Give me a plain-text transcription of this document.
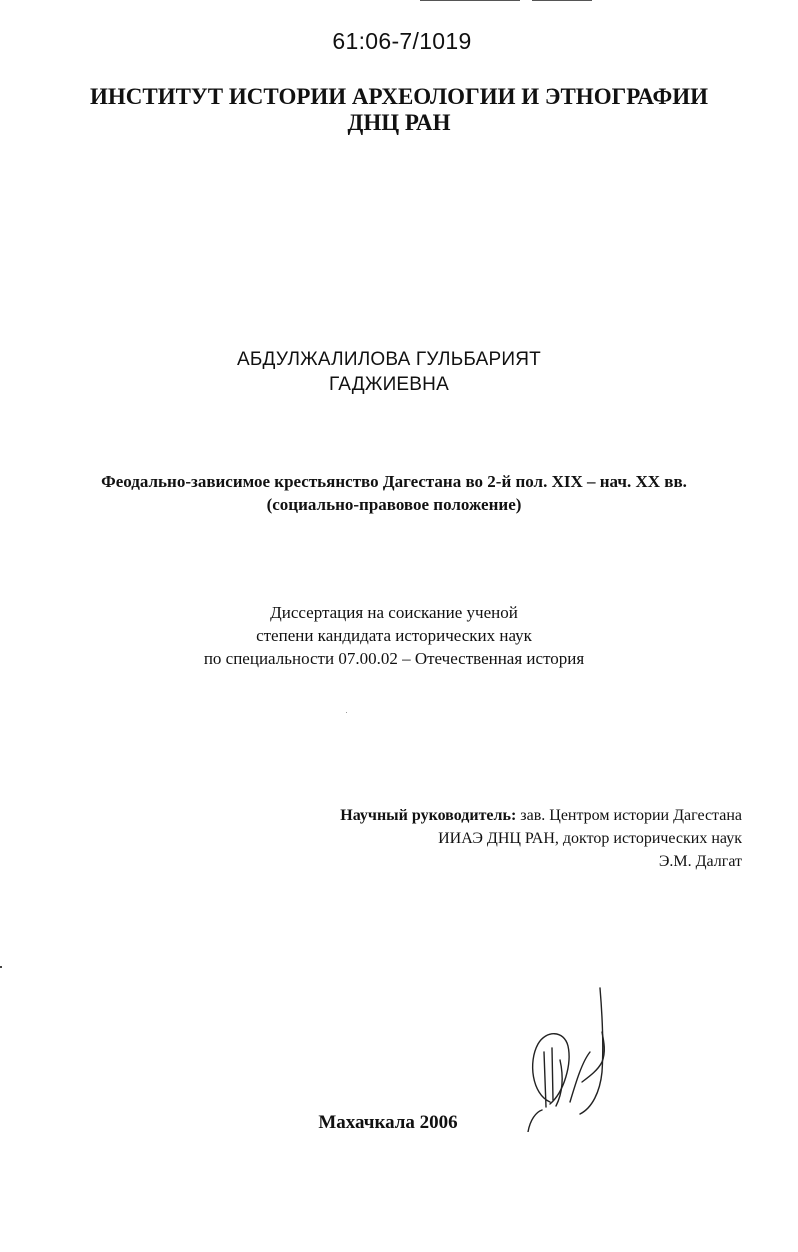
61:06-7/1019
ИНСТИТУТ ИСТОРИИ АРХЕОЛОГИИ И ЭТНОГРАФИИ
ДНЦ РАН
АБДУЛЖАЛИЛОВА ГУЛЬБАРИЯТ
ГАДЖИЕВНА
Феодально-зависимое крестьянство Дагестана во 2-й пол. XIX – нач. XX вв.
(социально-правовое положение)
Диссертация на соискание ученой
степени кандидата исторических наук
по специальности 07.00.02 – Отечественная история
Научный руководитель: зав. Центром истории Дагестана
ИИАЭ ДНЦ РАН, доктор исторических наук
Э.М. Далгат
Махачкала 2006
